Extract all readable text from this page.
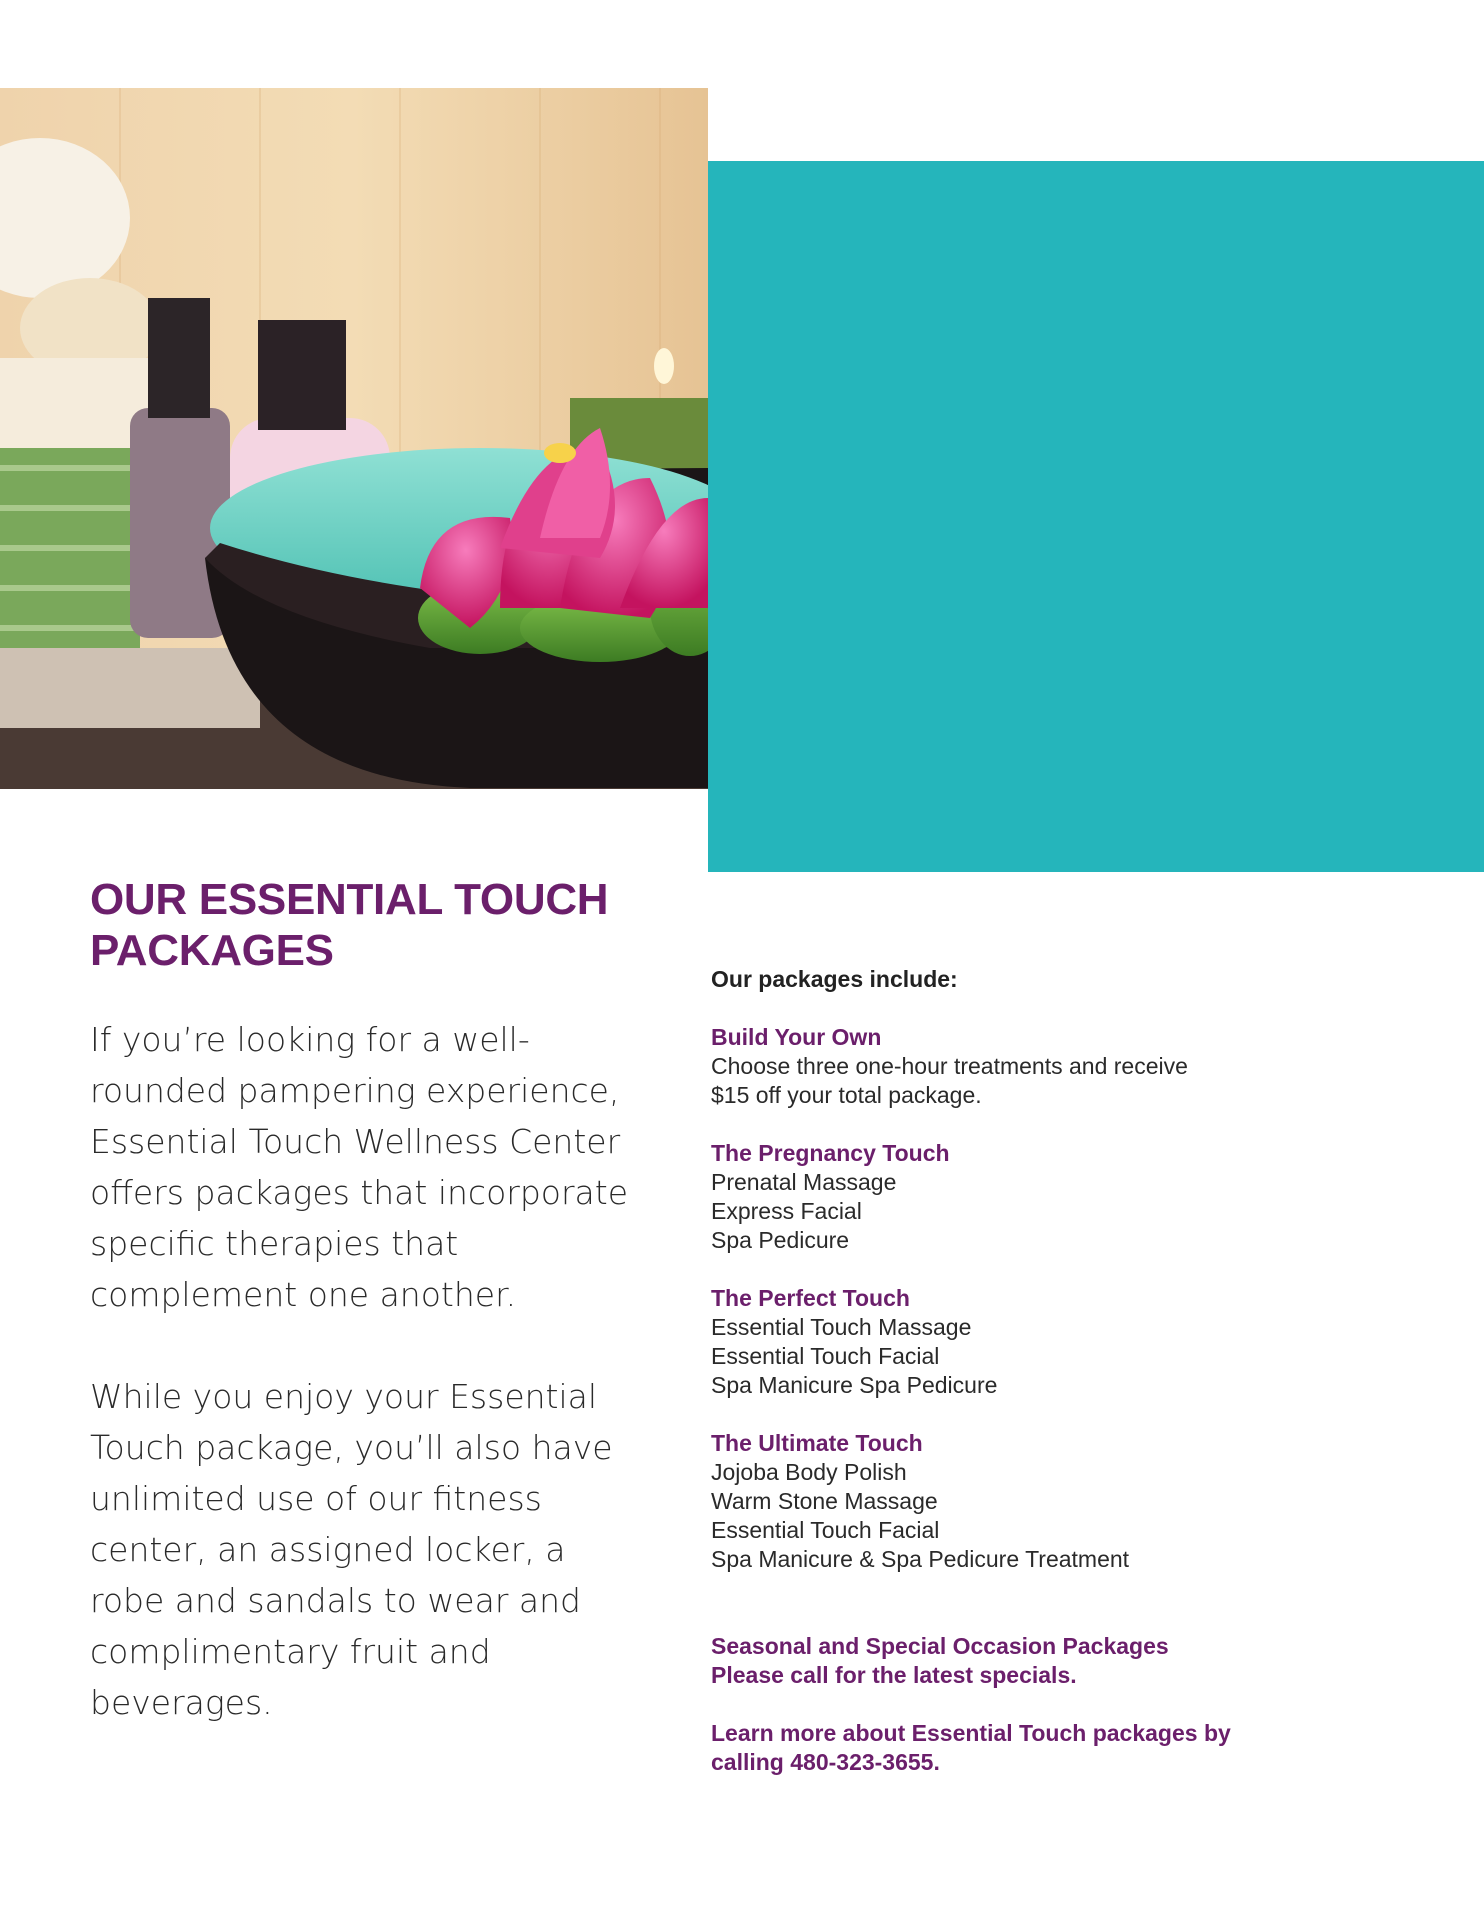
OUR ESSENTIAL TOUCH
PACKAGES

If you’re looking for a well-rounded pampering experience, Essential Touch Wellness Center offers packages that incorporate specific therapies that complement one another.

While you enjoy your Essential Touch package, you’ll also have unlimited use of our fitness center, an assigned locker, a robe and sandals to wear and complimentary fruit and beverages.

Our packages include:

Build Your Own
Choose three one-hour treatments and receive
$15 off your total package.
The Pregnancy Touch
Prenatal Massage
Express Facial
Spa Pedicure
The Perfect Touch
Essential Touch Massage
Essential Touch Facial
Spa Manicure Spa Pedicure
The Ultimate Touch
Jojoba Body Polish
Warm Stone Massage
Essential Touch Facial
Spa Manicure & Spa Pedicure Treatment
Seasonal and Special Occasion Packages
Please call for the latest specials.
Learn more about Essential Touch packages by
calling 480-323-3655.
